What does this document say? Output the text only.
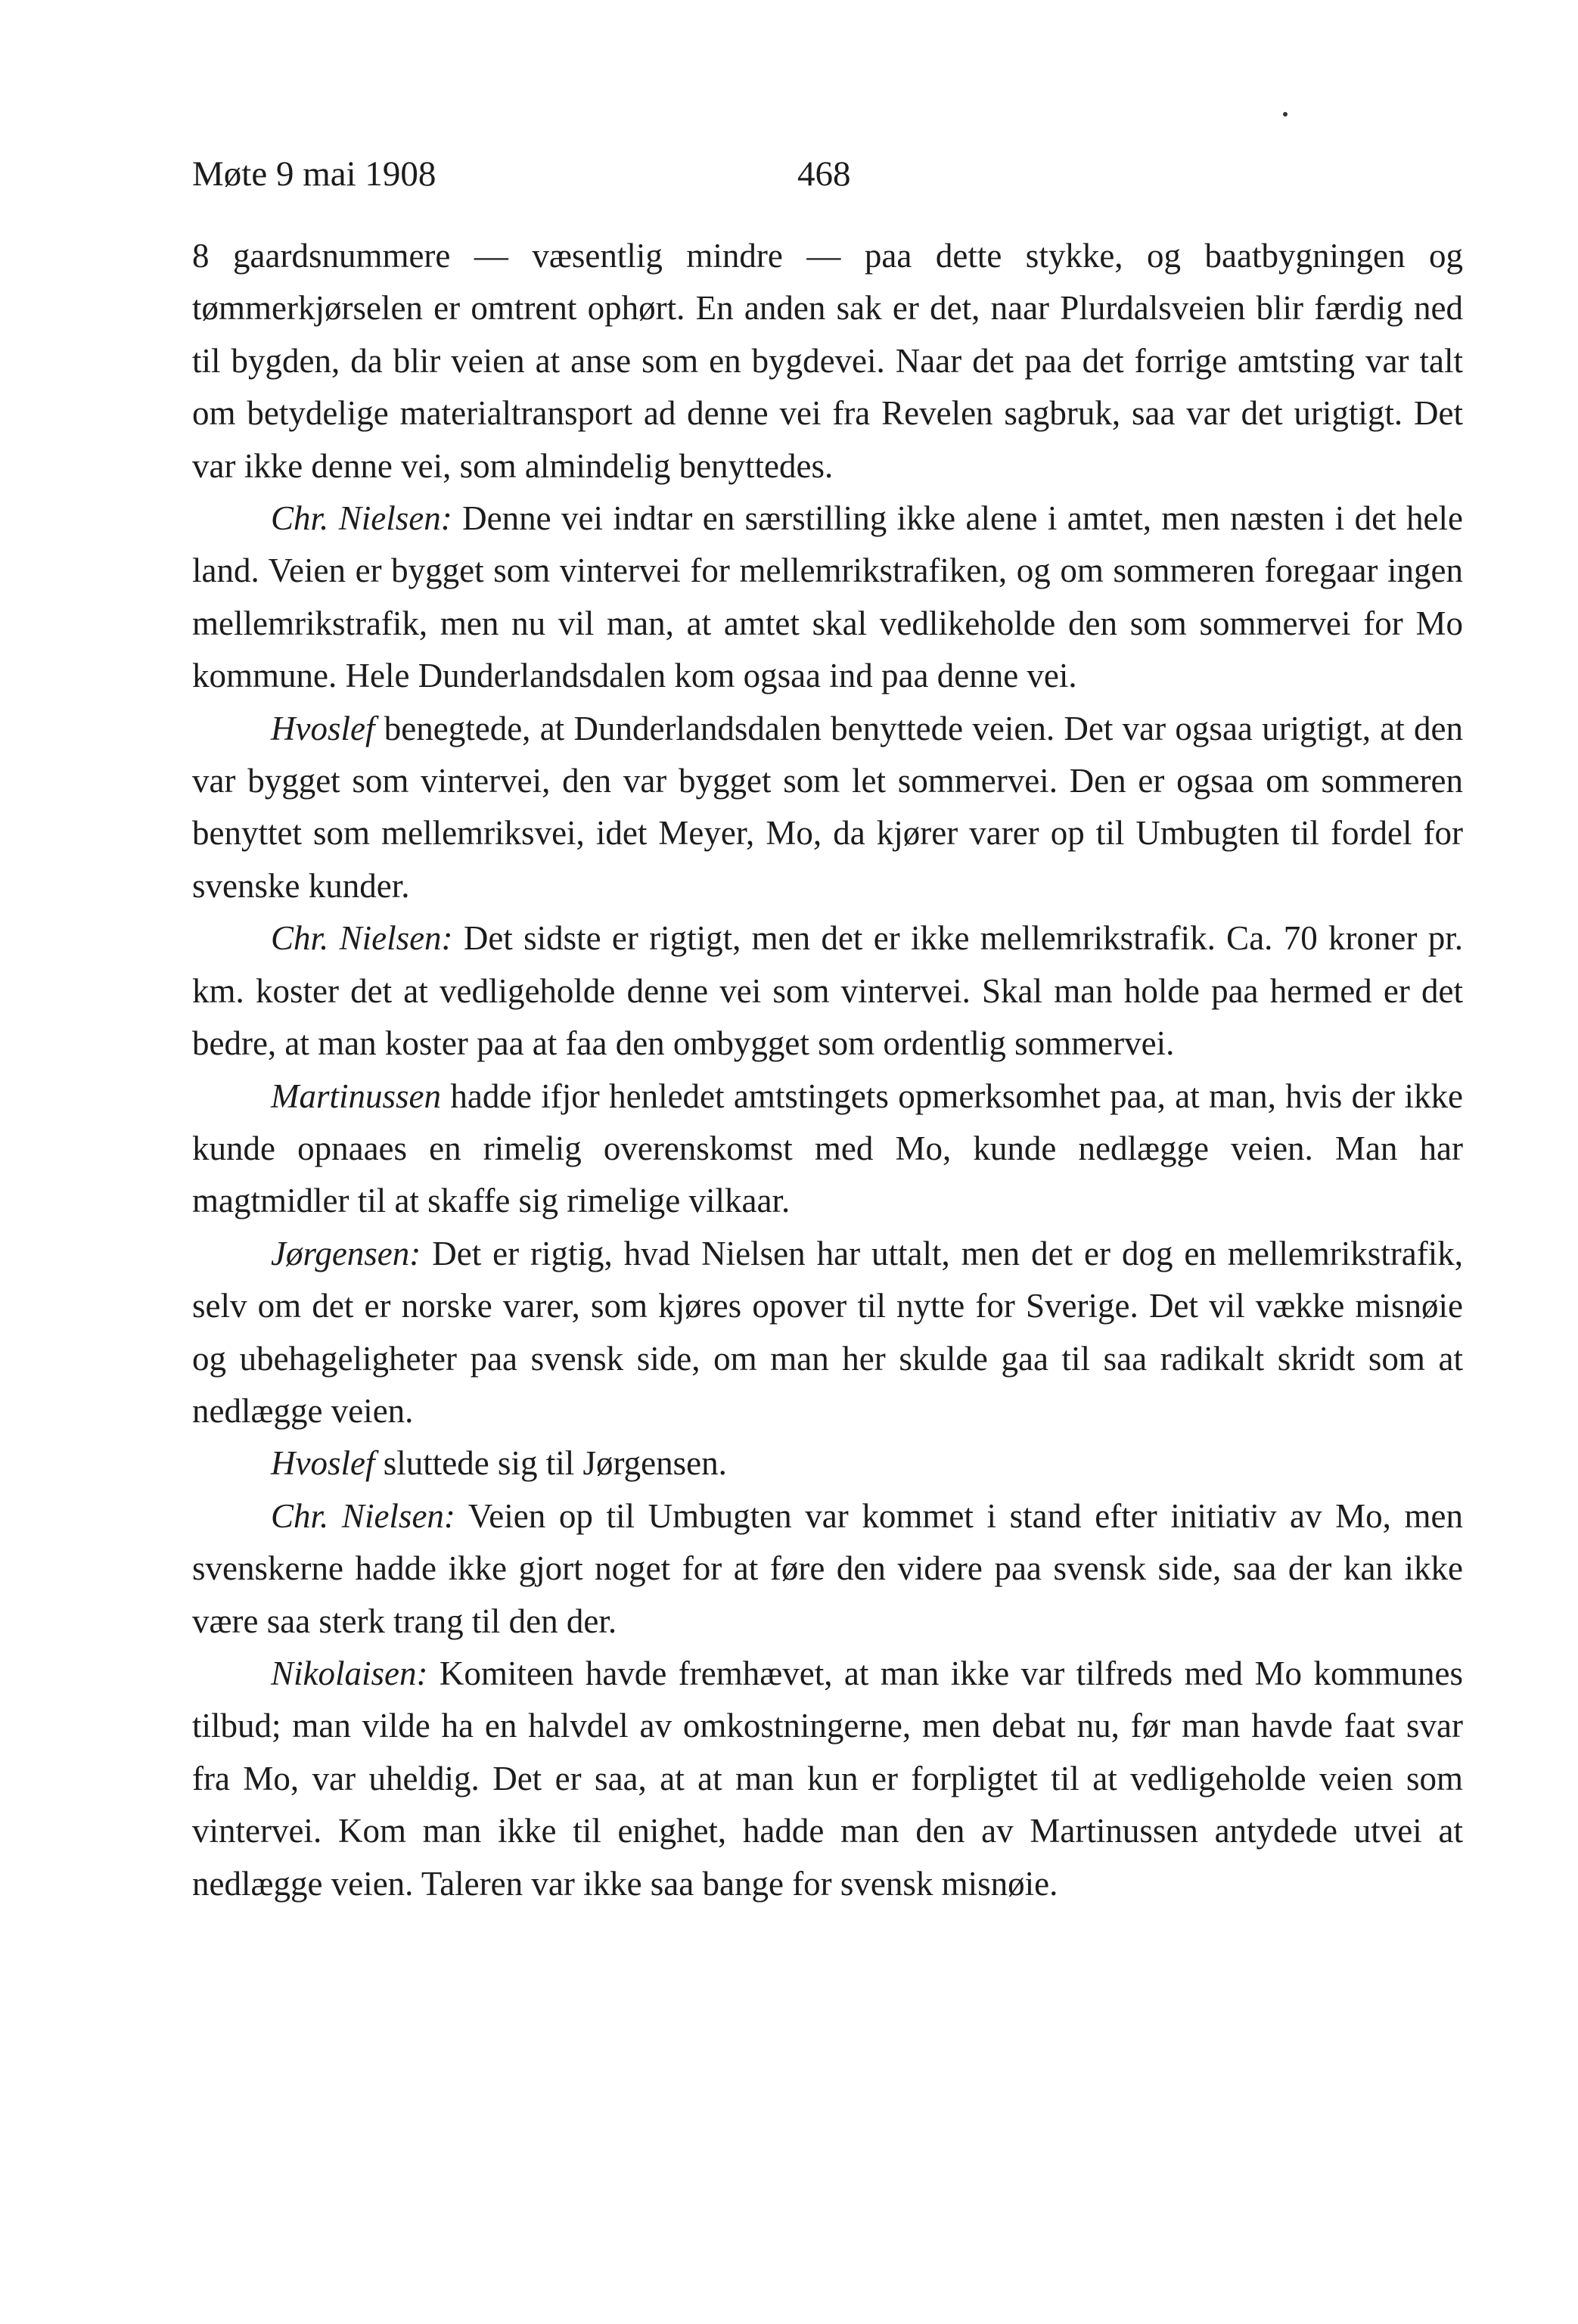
Møte 9 mai 1908	468

8 gaardsnummere — væsentlig mindre — paa dette stykke, og baatbygningen og tømmerkjørselen er omtrent ophørt. En anden sak er det, naar Plurdalsveien blir færdig ned til bygden, da blir veien at anse som en bygdevei. Naar det paa det forrige amtsting var talt om betydelige materialtransport ad denne vei fra Revelen sagbruk, saa var det urigtigt. Det var ikke denne vei, som almindelig benyttedes.

Chr. Nielsen: Denne vei indtar en særstilling ikke alene i amtet, men næsten i det hele land. Veien er bygget som vintervei for mellemrikstrafiken, og om sommeren foregaar ingen mellemrikstrafik, men nu vil man, at amtet skal vedlikeholde den som sommervei for Mo kommune. Hele Dunderlandsdalen kom ogsaa ind paa denne vei.

Hvoslef benegtede, at Dunderlandsdalen benyttede veien. Det var ogsaa urigtigt, at den var bygget som vintervei, den var bygget som let sommervei. Den er ogsaa om sommeren benyttet som mellemriksvei, idet Meyer, Mo, da kjører varer op til Umbugten til fordel for svenske kunder.

Chr. Nielsen: Det sidste er rigtigt, men det er ikke mellemrikstrafik. Ca. 70 kroner pr. km. koster det at vedligeholde denne vei som vintervei. Skal man holde paa hermed er det bedre, at man koster paa at faa den ombygget som ordentlig sommervei.

Martinussen hadde ifjor henledet amtstingets opmerksomhet paa, at man, hvis der ikke kunde opnaaes en rimelig overenskomst med Mo, kunde nedlægge veien. Man har magtmidler til at skaffe sig rimelige vilkaar.

Jørgensen: Det er rigtig, hvad Nielsen har uttalt, men det er dog en mellemrikstrafik, selv om det er norske varer, som kjøres opover til nytte for Sverige. Det vil vække misnøie og ubehageligheter paa svensk side, om man her skulde gaa til saa radikalt skridt som at nedlægge veien.

Hvoslef sluttede sig til Jørgensen.

Chr. Nielsen: Veien op til Umbugten var kommet i stand efter initiativ av Mo, men svenskerne hadde ikke gjort noget for at føre den videre paa svensk side, saa der kan ikke være saa sterk trang til den der.

Nikolaisen: Komiteen havde fremhævet, at man ikke var tilfreds med Mo kommunes tilbud; man vilde ha en halvdel av omkostningerne, men debat nu, før man havde faat svar fra Mo, var uheldig. Det er saa, at at man kun er forpligtet til at vedligeholde veien som vintervei. Kom man ikke til enighet, hadde man den av Martinussen antydede utvei at nedlægge veien. Taleren var ikke saa bange for svensk misnøie.
